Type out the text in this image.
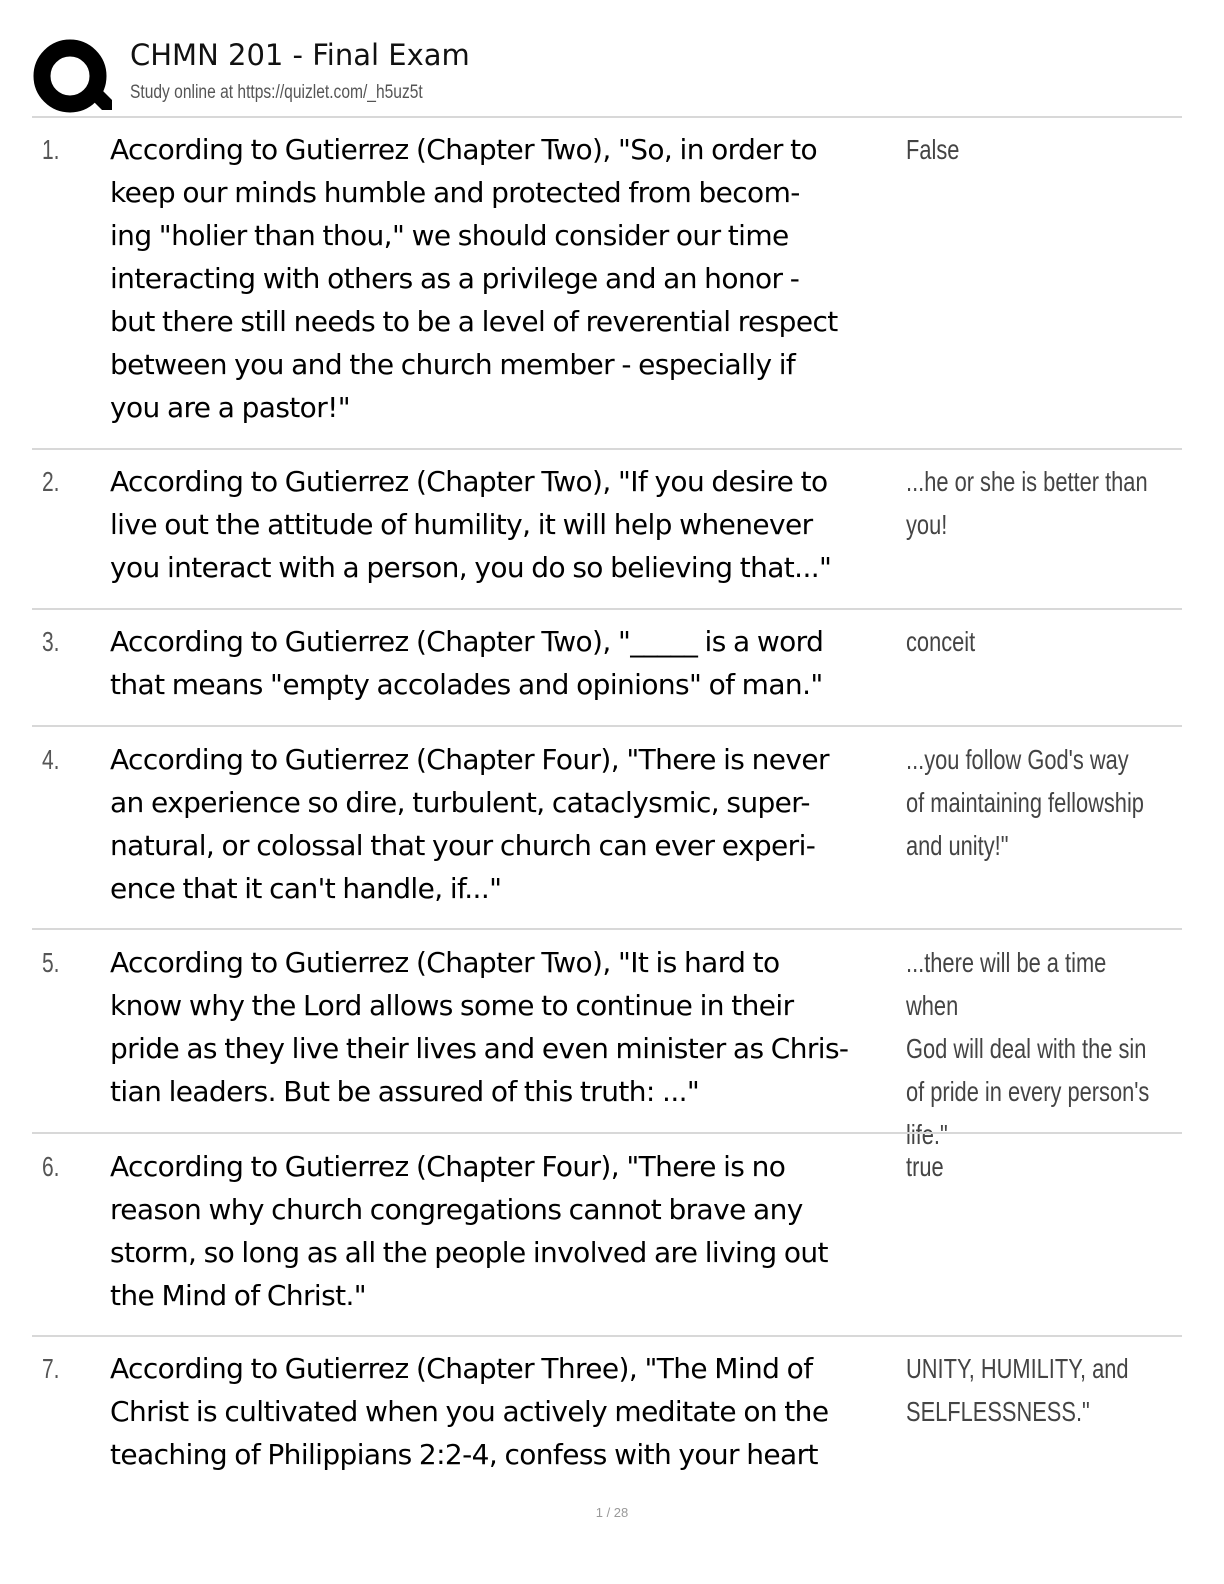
CHMN 201 - Final Exam
Study online at https://quizlet.com/_h5uz5t
1. According to Gutierrez (Chapter Two), "So, in order to
keep our minds humble and protected from becom-
ing "holier than thou," we should consider our time
interacting with others as a privilege and an honor -
but there still needs to be a level of reverential respect
between you and the church member - especially if
you are a pastor!"
False
2. According to Gutierrez (Chapter Two), "If you desire to
live out the attitude of humility, it will help whenever
you interact with a person, you do so believing that..."
...he or she is better than
you!
3. According to Gutierrez (Chapter Two), "_____ is a word
that means "empty accolades and opinions" of man."
conceit
4. According to Gutierrez (Chapter Four), "There is never
an experience so dire, turbulent, cataclysmic, super-
natural, or colossal that your church can ever experi-
ence that it can't handle, if..."
...you follow God's way
of maintaining fellowship
and unity!"
5. According to Gutierrez (Chapter Two), "It is hard to
know why the Lord allows some to continue in their
pride as they live their lives and even minister as Chris-
tian leaders. But be assured of this truth: ..."
...there will be a time when
God will deal with the sin
of pride in every person's
life."
6. According to Gutierrez (Chapter Four), "There is no
reason why church congregations cannot brave any
storm, so long as all the people involved are living out
the Mind of Christ."
true
7. According to Gutierrez (Chapter Three), "The Mind of
Christ is cultivated when you actively meditate on the
teaching of Philippians 2:2-4, confess with your heart
UNITY, HUMILITY, and
SELFLESSNESS."
1 / 28
